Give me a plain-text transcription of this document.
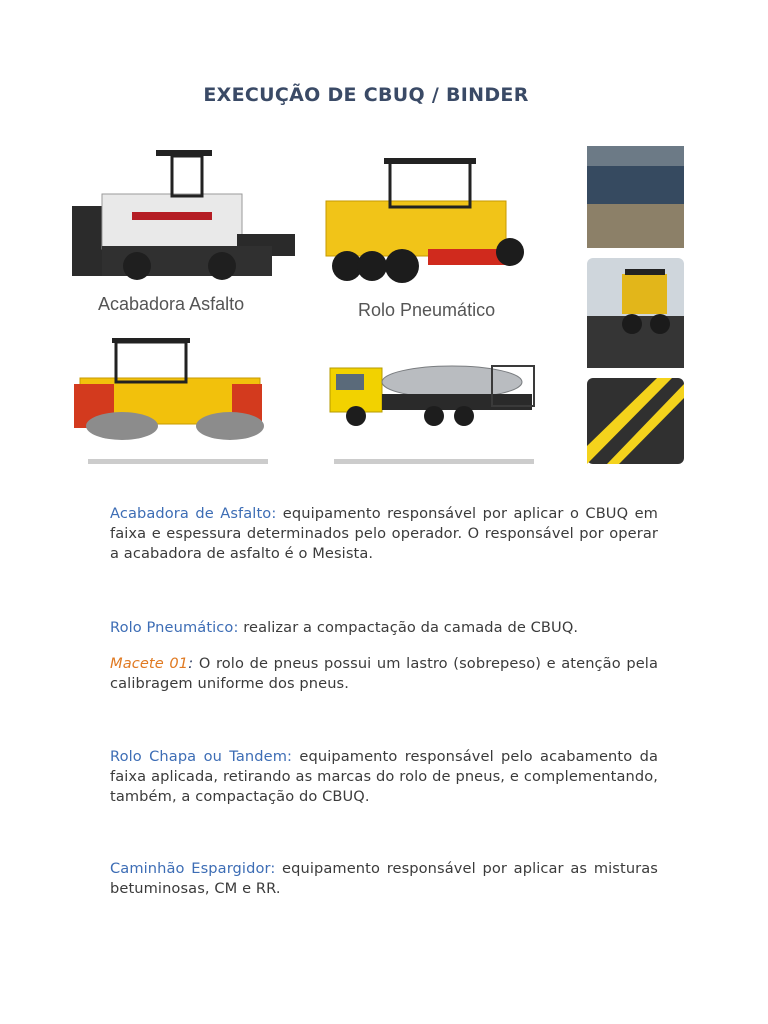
EXECUÇÃO DE CBUQ / BINDER
Acabadora Asfalto	Rolo Pneumático
Acabadora de Asfalto: equipamento responsável por aplicar o CBUQ em faixa e espessura determinados pelo operador. O responsável por operar a acabadora de asfalto é o Mesista.
Rolo Pneumático: realizar a compactação da camada de CBUQ.
Macete 01: O rolo de pneus possui um lastro (sobrepeso) e atenção pela calibragem uniforme dos pneus.
Rolo Chapa ou Tandem: equipamento responsável pelo acabamento da faixa aplicada, retirando as marcas do rolo de pneus, e complementando, também, a compactação do CBUQ.
Caminhão Espargidor: equipamento responsável por aplicar as misturas betuminosas, CM e RR.
